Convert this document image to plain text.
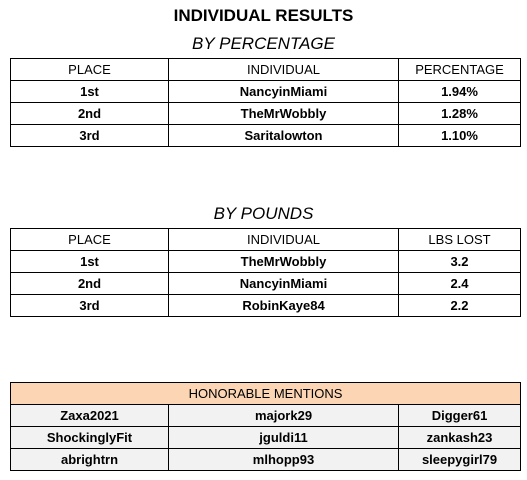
INDIVIDUAL RESULTS
BY PERCENTAGE
PLACE	INDIVIDUAL	PERCENTAGE
1st	NancyinMiami	1.94%
2nd	TheMrWobbly	1.28%
3rd	Saritalowton	1.10%
BY POUNDS
PLACE	INDIVIDUAL	LBS LOST
1st	TheMrWobbly	3.2
2nd	NancyinMiami	2.4
3rd	RobinKaye84	2.2
HONORABLE MENTIONS		
Zaxa2021	majork29	Digger61
ShockinglyFit	jguldi11	zankash23
abrightrn	mlhopp93	sleepygirl79
